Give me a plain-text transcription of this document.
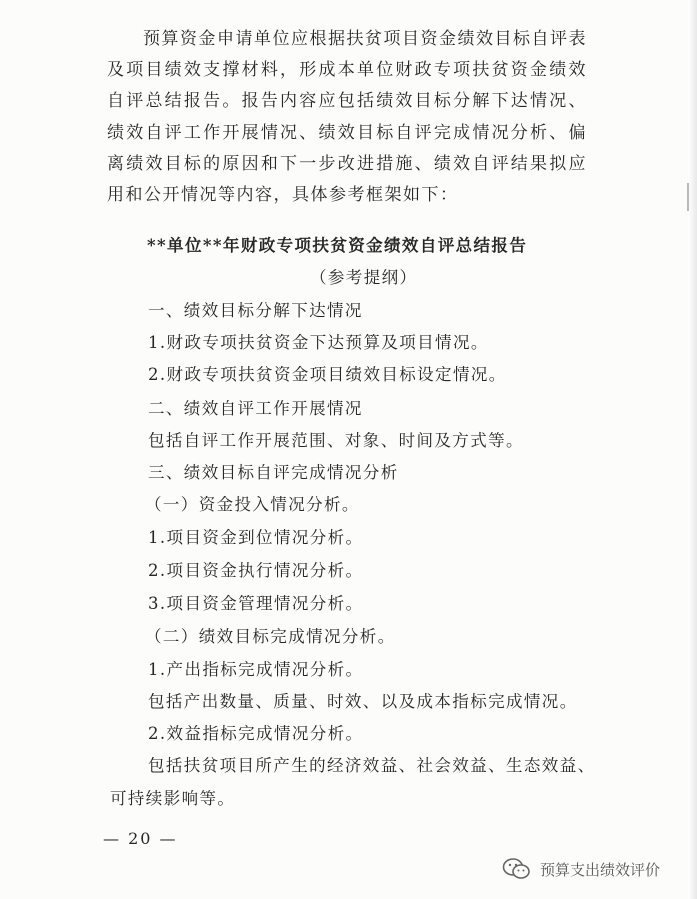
预算资金申请单位应根据扶贫项目资金绩效目标自评表及项目绩效支撑材料，形成本单位财政专项扶贫资金绩效自评总结报告。报告内容应包括绩效目标分解下达情况、绩效自评工作开展情况、绩效目标自评完成情况分析、偏离绩效目标的原因和下一步改进措施、绩效自评结果拟应用和公开情况等内容，具体参考框架如下：

**单位**年财政专项扶贫资金绩效自评总结报告
（参考提纲）
一、绩效目标分解下达情况
1.财政专项扶贫资金下达预算及项目情况。
2.财政专项扶贫资金项目绩效目标设定情况。
二、绩效自评工作开展情况
包括自评工作开展范围、对象、时间及方式等。
三、绩效目标自评完成情况分析
（一）资金投入情况分析。
1.项目资金到位情况分析。
2.项目资金执行情况分析。
3.项目资金管理情况分析。
（二）绩效目标完成情况分析。
1.产出指标完成情况分析。
包括产出数量、质量、时效、以及成本指标完成情况。
2.效益指标完成情况分析。
包括扶贫项目所产生的经济效益、社会效益、生态效益、
可持续影响等。
— 20 —
预算支出绩效评价
